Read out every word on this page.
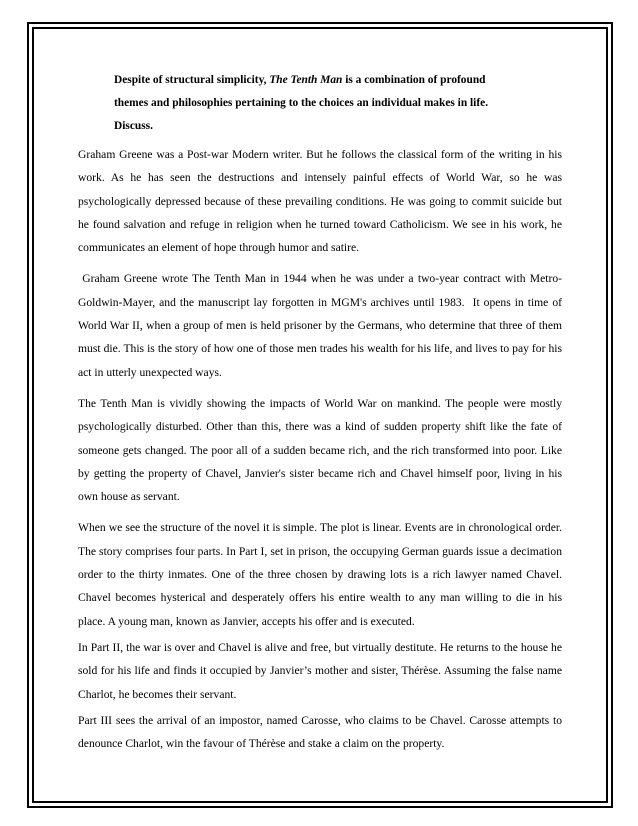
Despite of structural simplicity, The Tenth Man is a combination of profound
themes and philosophies pertaining to the choices an individual makes in life.
Discuss.

Graham Greene was a Post-war Modern writer. But he follows the classical form of the writing in his work. As he has seen the destructions and intensely painful effects of World War, so he was psychologically depressed because of these prevailing conditions. He was going to commit suicide but he found salvation and refuge in religion when he turned toward Catholicism. We see in his work, he communicates an element of hope through humor and satire.

Graham Greene wrote The Tenth Man in 1944 when he was under a two-year contract with Metro-Goldwin-Mayer, and the manuscript lay forgotten in MGM's archives until 1983.  It opens in time of World War II, when a group of men is held prisoner by the Germans, who determine that three of them must die. This is the story of how one of those men trades his wealth for his life, and lives to pay for his act in utterly unexpected ways.

The Tenth Man is vividly showing the impacts of World War on mankind. The people were mostly psychologically disturbed. Other than this, there was a kind of sudden property shift like the fate of someone gets changed. The poor all of a sudden became rich, and the rich transformed into poor. Like by getting the property of Chavel, Janvier's sister became rich and Chavel himself poor, living in his own house as servant.

When we see the structure of the novel it is simple. The plot is linear. Events are in chronological order. The story comprises four parts. In Part I, set in prison, the occupying German guards issue a decimation order to the thirty inmates. One of the three chosen by drawing lots is a rich lawyer named Chavel. Chavel becomes hysterical and desperately offers his entire wealth to any man willing to die in his place. A young man, known as Janvier, accepts his offer and is executed.

In Part II, the war is over and Chavel is alive and free, but virtually destitute. He returns to the house he sold for his life and finds it occupied by Janvier’s mother and sister, Thérèse. Assuming the false name Charlot, he becomes their servant.

Part III sees the arrival of an impostor, named Carosse, who claims to be Chavel. Carosse attempts to denounce Charlot, win the favour of Thérèse and stake a claim on the property.
